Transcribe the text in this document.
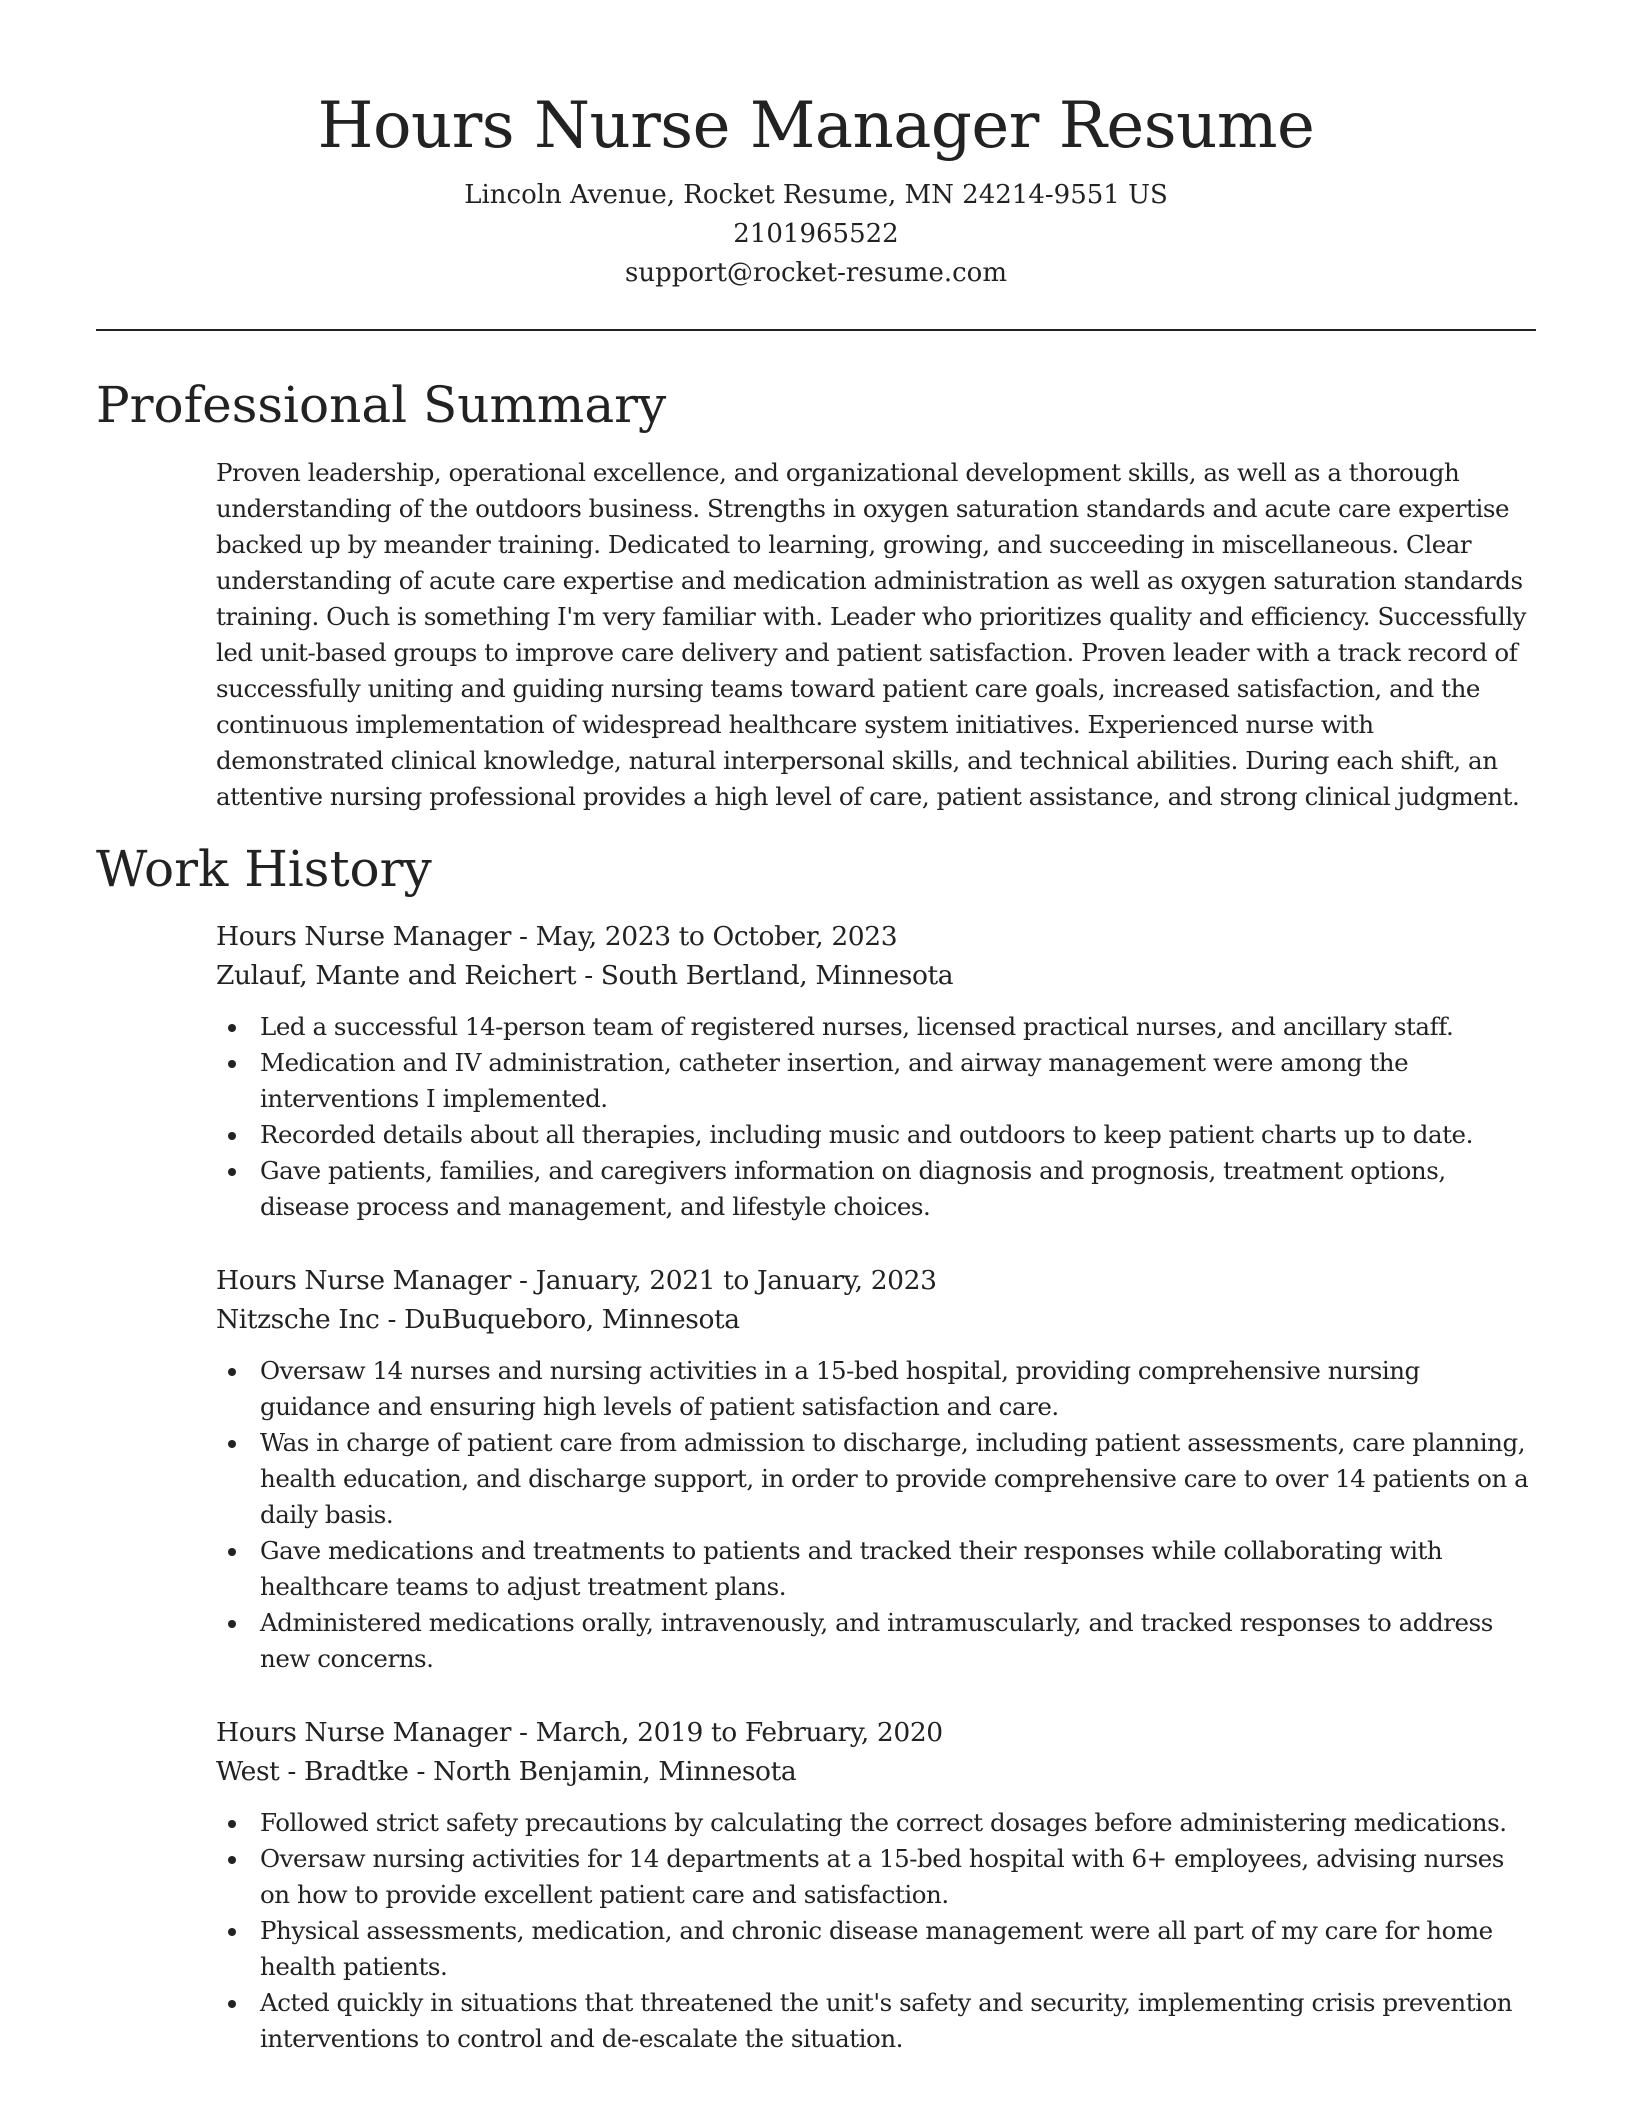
Hours Nurse Manager Resume
Lincoln Avenue, Rocket Resume, MN 24214-9551 US
2101965522
support@rocket-resume.com
Professional Summary

Proven leadership, operational excellence, and organizational development skills, as well as a thorough understanding of the outdoors business. Strengths in oxygen saturation standards and acute care expertise backed up by meander training. Dedicated to learning, growing, and succeeding in miscellaneous. Clear understanding of acute care expertise and medication administration as well as oxygen saturation standards training. Ouch is something I'm very familiar with. Leader who prioritizes quality and efficiency. Successfully led unit-based groups to improve care delivery and patient satisfaction. Proven leader with a track record of successfully uniting and guiding nursing teams toward patient care goals, increased satisfaction, and the continuous implementation of widespread healthcare system initiatives. Experienced nurse with demonstrated clinical knowledge, natural interpersonal skills, and technical abilities. During each shift, an attentive nursing professional provides a high level of care, patient assistance, and strong clinical judgment.

Work History
Hours Nurse Manager - May, 2023 to October, 2023
Zulauf, Mante and Reichert - South Bertland, Minnesota
Led a successful 14-person team of registered nurses, licensed practical nurses, and ancillary staff.
Medication and IV administration, catheter insertion, and airway management were among the interventions I implemented.
Recorded details about all therapies, including music and outdoors to keep patient charts up to date.
Gave patients, families, and caregivers information on diagnosis and prognosis, treatment options, disease process and management, and lifestyle choices.
Hours Nurse Manager - January, 2021 to January, 2023
Nitzsche Inc - DuBuqueboro, Minnesota
Oversaw 14 nurses and nursing activities in a 15-bed hospital, providing comprehensive nursing guidance and ensuring high levels of patient satisfaction and care.
Was in charge of patient care from admission to discharge, including patient assessments, care planning, health education, and discharge support, in order to provide comprehensive care to over 14 patients on a daily basis.
Gave medications and treatments to patients and tracked their responses while collaborating with healthcare teams to adjust treatment plans.
Administered medications orally, intravenously, and intramuscularly, and tracked responses to address new concerns.
Hours Nurse Manager - March, 2019 to February, 2020
West - Bradtke - North Benjamin, Minnesota
Followed strict safety precautions by calculating the correct dosages before administering medications.
Oversaw nursing activities for 14 departments at a 15-bed hospital with 6+ employees, advising nurses on how to provide excellent patient care and satisfaction.
Physical assessments, medication, and chronic disease management were all part of my care for home health patients.
Acted quickly in situations that threatened the unit's safety and security, implementing crisis prevention interventions to control and de-escalate the situation.
